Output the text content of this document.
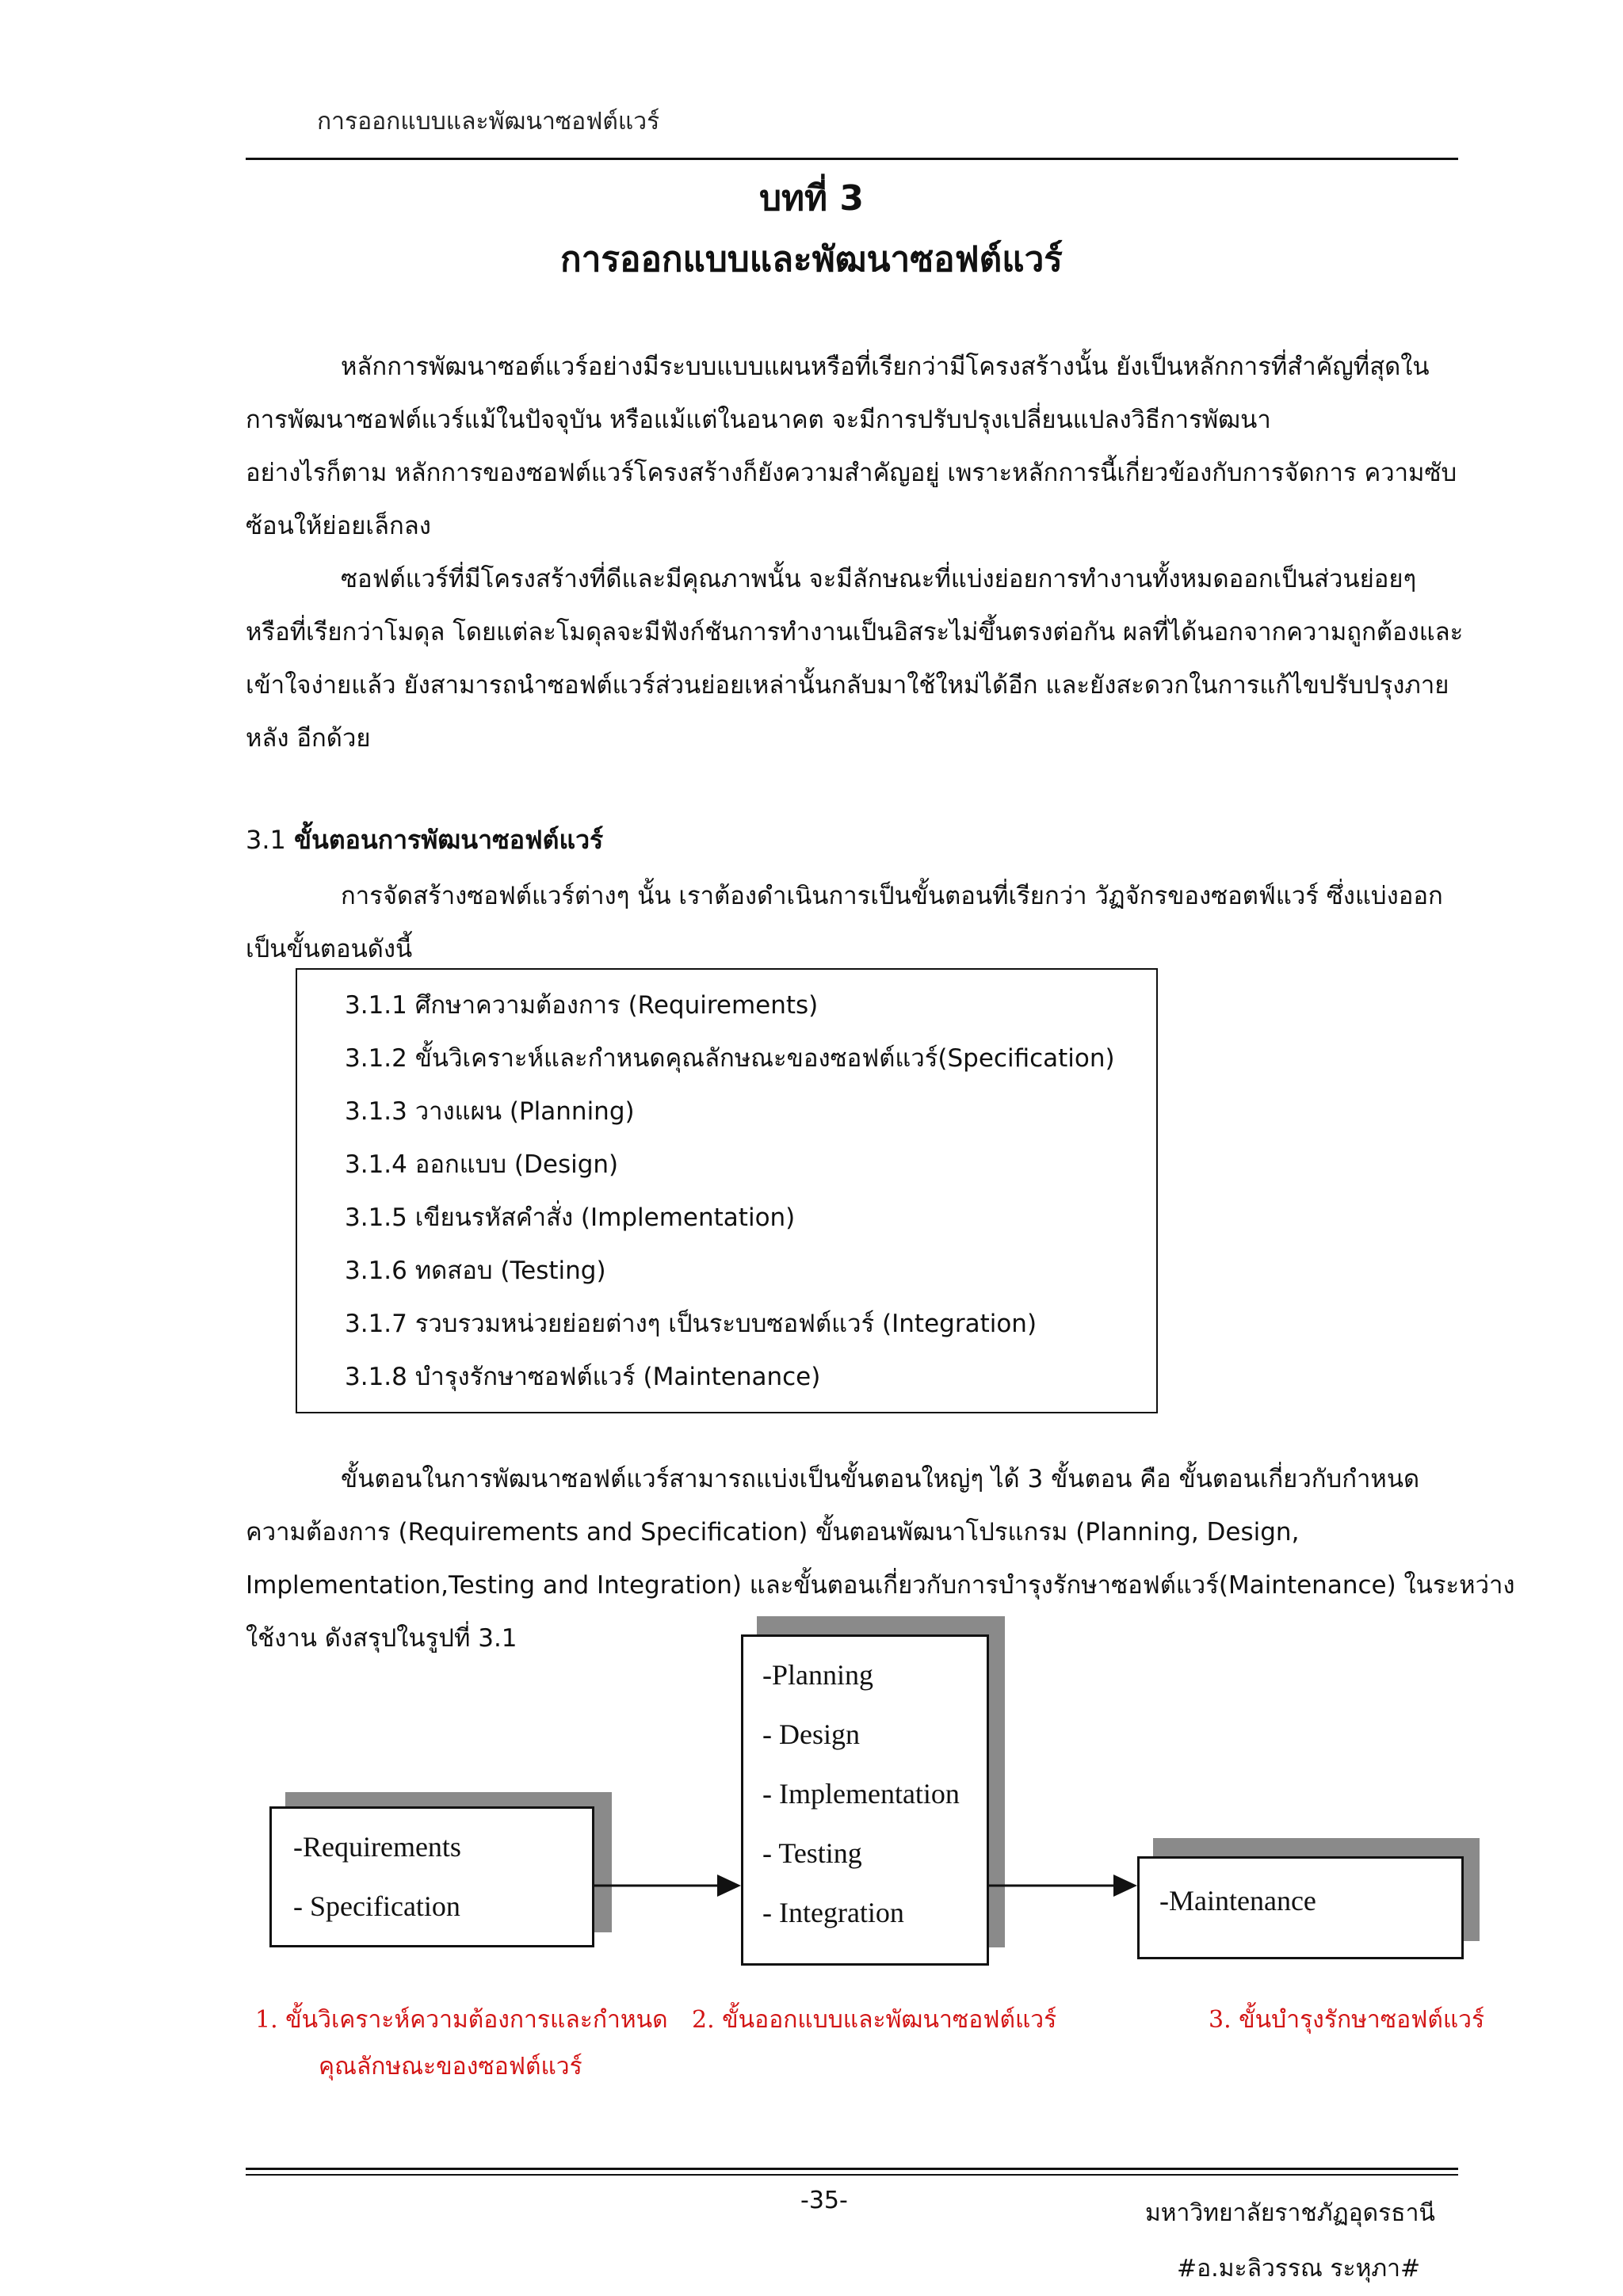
การออกแบบและพัฒนาซอฟต์แวร์
บทที่ 3
การออกแบบและพัฒนาซอฟต์แวร์
หลักการพัฒนาซอต์แวร์อย่างมีระบบแบบแผนหรือที่เรียกว่ามีโครงสร้างนั้น ยังเป็นหลักการที่สำคัญที่สุดใน
การพัฒนาซอฟต์แวร์แม้ในปัจจุบัน หรือแม้แต่ในอนาคต จะมีการปรับปรุงเปลี่ยนแปลงวิธีการพัฒนา
อย่างไรก็ตาม หลักการของซอฟต์แวร์โครงสร้างก็ยังความสำคัญอยู่ เพราะหลักการนี้เกี่ยวข้องกับการจัดการ ความซับ
ซ้อนให้ย่อยเล็กลง
ซอฟต์แวร์ที่มีโครงสร้างที่ดีและมีคุณภาพนั้น จะมีลักษณะที่แบ่งย่อยการทำงานทั้งหมดออกเป็นส่วนย่อยๆ
หรือที่เรียกว่าโมดุล โดยแต่ละโมดุลจะมีฟังก์ชันการทำงานเป็นอิสระไม่ขึ้นตรงต่อกัน ผลที่ได้นอกจากความถูกต้องและ
เข้าใจง่ายแล้ว ยังสามารถนำซอฟต์แวร์ส่วนย่อยเหล่านั้นกลับมาใช้ใหม่ได้อีก และยังสะดวกในการแก้ไขปรับปรุงภาย
หลัง อีกด้วย
3.1 ขั้นตอนการพัฒนาซอฟต์แวร์
การจัดสร้างซอฟต์แวร์ต่างๆ นั้น เราต้องดำเนินการเป็นขั้นตอนที่เรียกว่า วัฏจักรของซอตฟ์แวร์ ซึ่งแบ่งออก
เป็นขั้นตอนดังนี้
3.1.1 ศึกษาความต้องการ (Requirements)
3.1.2 ขั้นวิเคราะห์และกำหนดคุณลักษณะของซอฟต์แวร์(Specification)
3.1.3 วางแผน (Planning)
3.1.4 ออกแบบ (Design)
3.1.5 เขียนรหัสคำสั่ง (Implementation)
3.1.6 ทดสอบ (Testing)
3.1.7 รวบรวมหน่วยย่อยต่างๆ เป็นระบบซอฟต์แวร์ (Integration)
3.1.8 บำรุงรักษาซอฟต์แวร์ (Maintenance)
ขั้นตอนในการพัฒนาซอฟต์แวร์สามารถแบ่งเป็นขั้นตอนใหญ่ๆ ได้ 3 ขั้นตอน คือ ขั้นตอนเกี่ยวกับกำหนด
ความต้องการ (Requirements and Specification) ขั้นตอนพัฒนาโปรแกรม (Planning, Design,
Implementation,Testing and Integration) และขั้นตอนเกี่ยวกับการบำรุงรักษาซอฟต์แวร์(Maintenance) ในระหว่าง
ใช้งาน ดังสรุปในรูปที่ 3.1
-Requirements
- Specification
-Planning
- Design
- Implementation
- Testing
- Integration	-Maintenance
1. ขั้นวิเคราะห์ความต้องการและกำหนด
คุณลักษณะของซอฟต์แวร์
2. ขั้นออกแบบและพัฒนาซอฟต์แวร์	3. ขั้นบำรุงรักษาซอฟต์แวร์
-35-	มหาวิทยาลัยราชภัฏอุดรธานี
#อ.มะลิวรรณ ระหุภา#
